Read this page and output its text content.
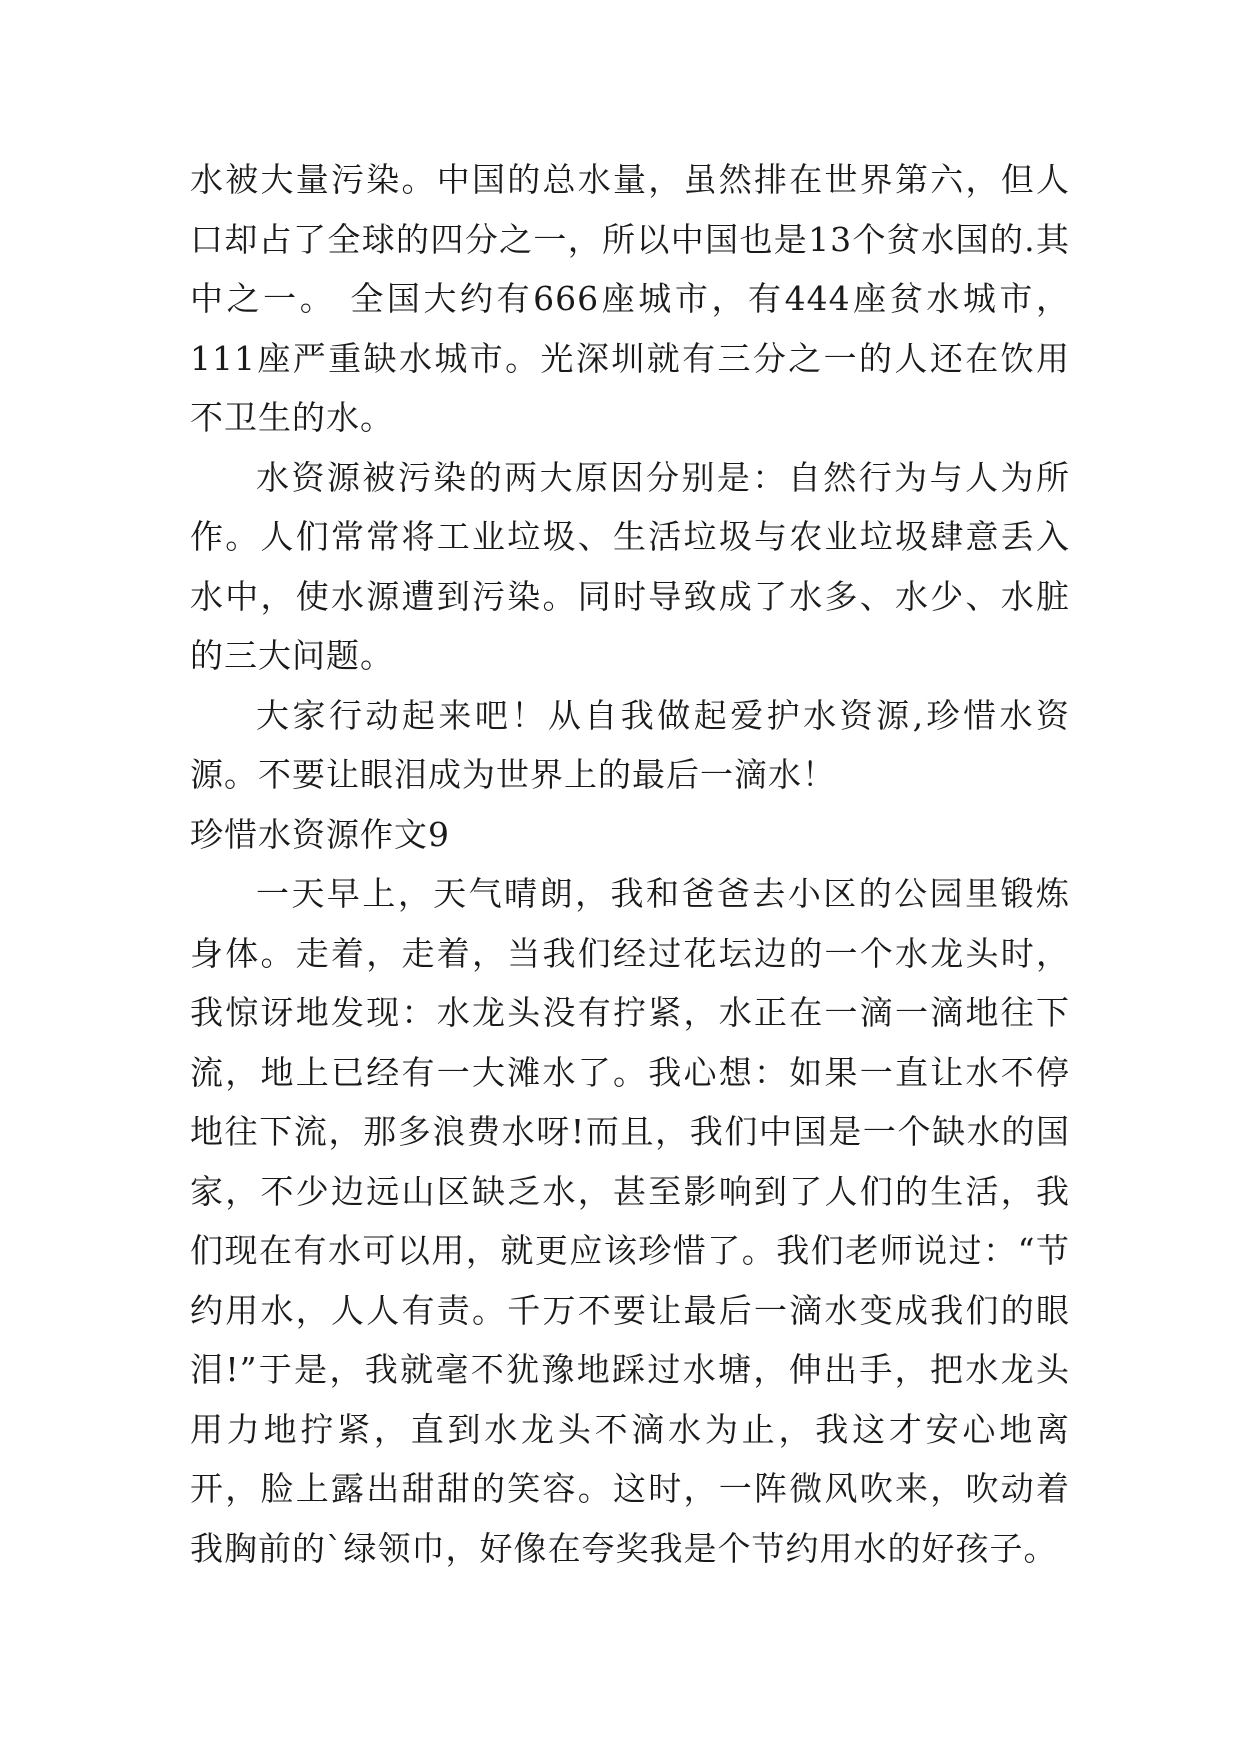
水被大量污染。中国的总水量，虽然排在世界第六，但人口却占了全球的四分之一，所以中国也是13个贫水国的.其中之一。 全国大约有666座城市，有444座贫水城市，111座严重缺水城市。光深圳就有三分之一的人还在饮用不卫生的水。

水资源被污染的两大原因分别是：自然行为与人为所作。人们常常将工业垃圾、生活垃圾与农业垃圾肆意丢入水中，使水源遭到污染。同时导致成了水多、水少、水脏的三大问题。

大家行动起来吧！从自我做起爱护水资源,珍惜水资源。不要让眼泪成为世界上的最后一滴水！

珍惜水资源作文9

一天早上，天气晴朗，我和爸爸去小区的公园里锻炼身体。走着，走着，当我们经过花坛边的一个水龙头时，我惊讶地发现：水龙头没有拧紧，水正在一滴一滴地往下流，地上已经有一大滩水了。我心想：如果一直让水不停地往下流，那多浪费水呀!而且，我们中国是一个缺水的国家，不少边远山区缺乏水，甚至影响到了人们的生活，我们现在有水可以用，就更应该珍惜了。我们老师说过：“节约用水，人人有责。千万不要让最后一滴水变成我们的眼泪!”于是，我就毫不犹豫地踩过水塘，伸出手，把水龙头用力地拧紧，直到水龙头不滴水为止，我这才安心地离开，脸上露出甜甜的笑容。这时，一阵微风吹来，吹动着我胸前的`绿领巾，好像在夸奖我是个节约用水的好孩子。
